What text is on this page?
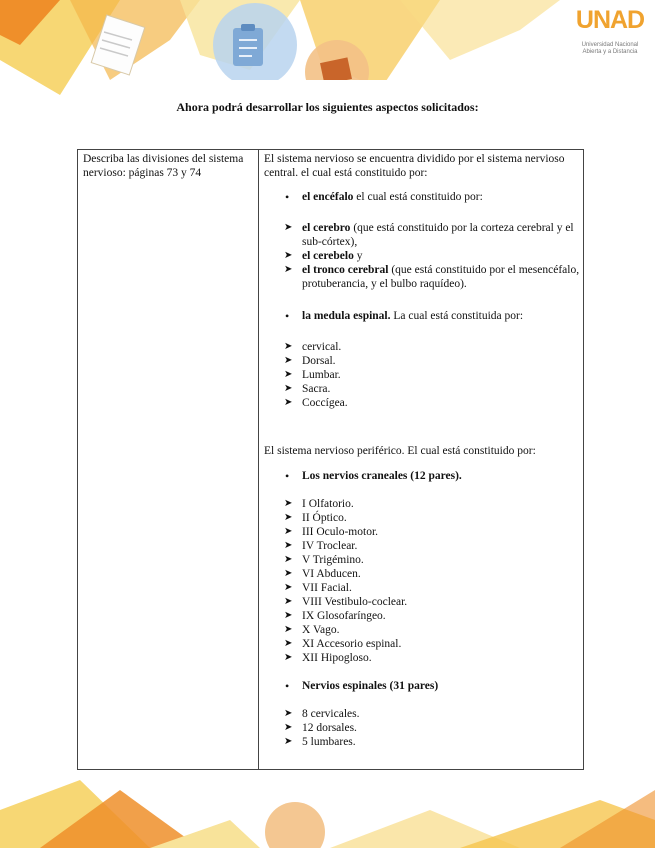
UNAD
Universidad Nacional
Abierta y a Distancia
Ahora podrá desarrollar los siguientes aspectos solicitados:
Describa las divisiones del sistema nervioso: páginas 73 y 74

El sistema nervioso se encuentra dividido por el sistema nervioso central. el cual está constituido por:

• el encéfalo el cual está constituido por:

➤ el cerebro (que está constituido por la corteza cerebral y el sub-córtex),

➤ el cerebelo y

➤ el tronco cerebral (que está constituido por el mesencéfalo, protuberancia, y el bulbo raquídeo).

• la medula espinal. La cual está constituida por:

➤ cervical.

➤ Dorsal.

➤ Lumbar.

➤ Sacra.

➤ Coccígea.

El sistema nervioso periférico. El cual está constituido por:

• Los nervios craneales (12 pares).

➤ I Olfatorio.

➤ II Óptico.

➤ III Oculo-motor.

➤ IV Troclear.

➤ V Trigémino.

➤ VI Abducen.

➤ VII Facial.

➤ VIII Vestibulo-coclear.

➤ IX Glosofaríngeo.

➤ X Vago.

➤ XI Accesorio espinal.

➤ XII Hipogloso.

• Nervios espinales (31 pares)

➤ 8 cervicales.

➤ 12 dorsales.

➤ 5 lumbares.
